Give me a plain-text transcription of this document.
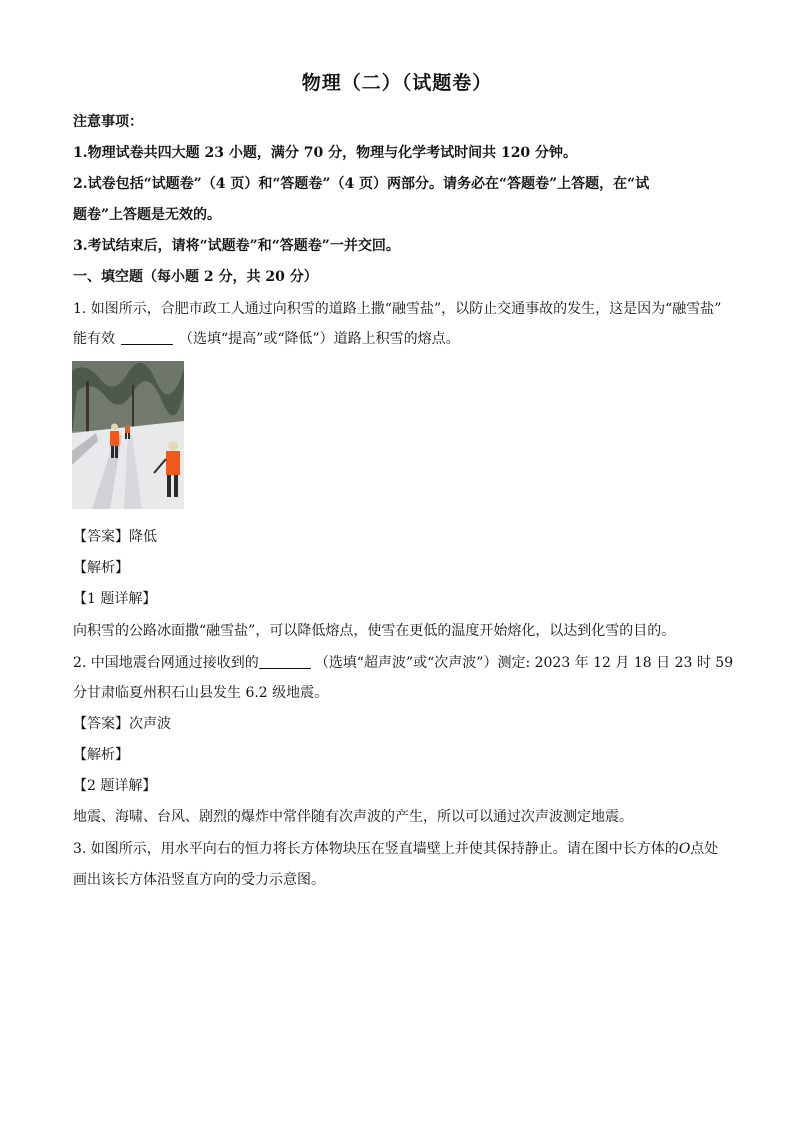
物理（二）（试题卷）
注意事项：
1.物理试卷共四大题 23 小题，满分 70 分，物理与化学考试时间共 120 分钟。
2.试卷包括“试题卷”（4 页）和“答题卷”（4 页）两部分。请务必在“答题卷”上答题，在“试
题卷”上答题是无效的。
3.考试结束后，请将“试题卷”和“答题卷”一并交回。
一、填空题（每小题 2 分，共 20 分）
1. 如图所示，合肥市政工人通过向积雪的道路上撒“融雪盐”，以防止交通事故的发生，这是因为“融雪盐”
能有效	（选填“提高”或“降低”）道路上积雪的熔点。
【答案】降低
【解析】
【1 题详解】
向积雪的公路冰面撒“融雪盐”，可以降低熔点，使雪在更低的温度开始熔化，以达到化雪的目的。
2. 中国地震台网通过接收到的	（选填“超声波”或“次声波”）测定: 2023 年 12 月 18 日 23 时 59
分甘肃临夏州积石山县发生 6.2 级地震。
【答案】次声波
【解析】
【2 题详解】
地震、海啸、台风、剧烈的爆炸中常伴随有次声波的产生，所以可以通过次声波测定地震。
3. 如图所示，用水平向右的恒力将长方体物块压在竖直墙壁上并使其保持静止。请在图中长方体的O点处
画出该长方体沿竖直方向的受力示意图。
